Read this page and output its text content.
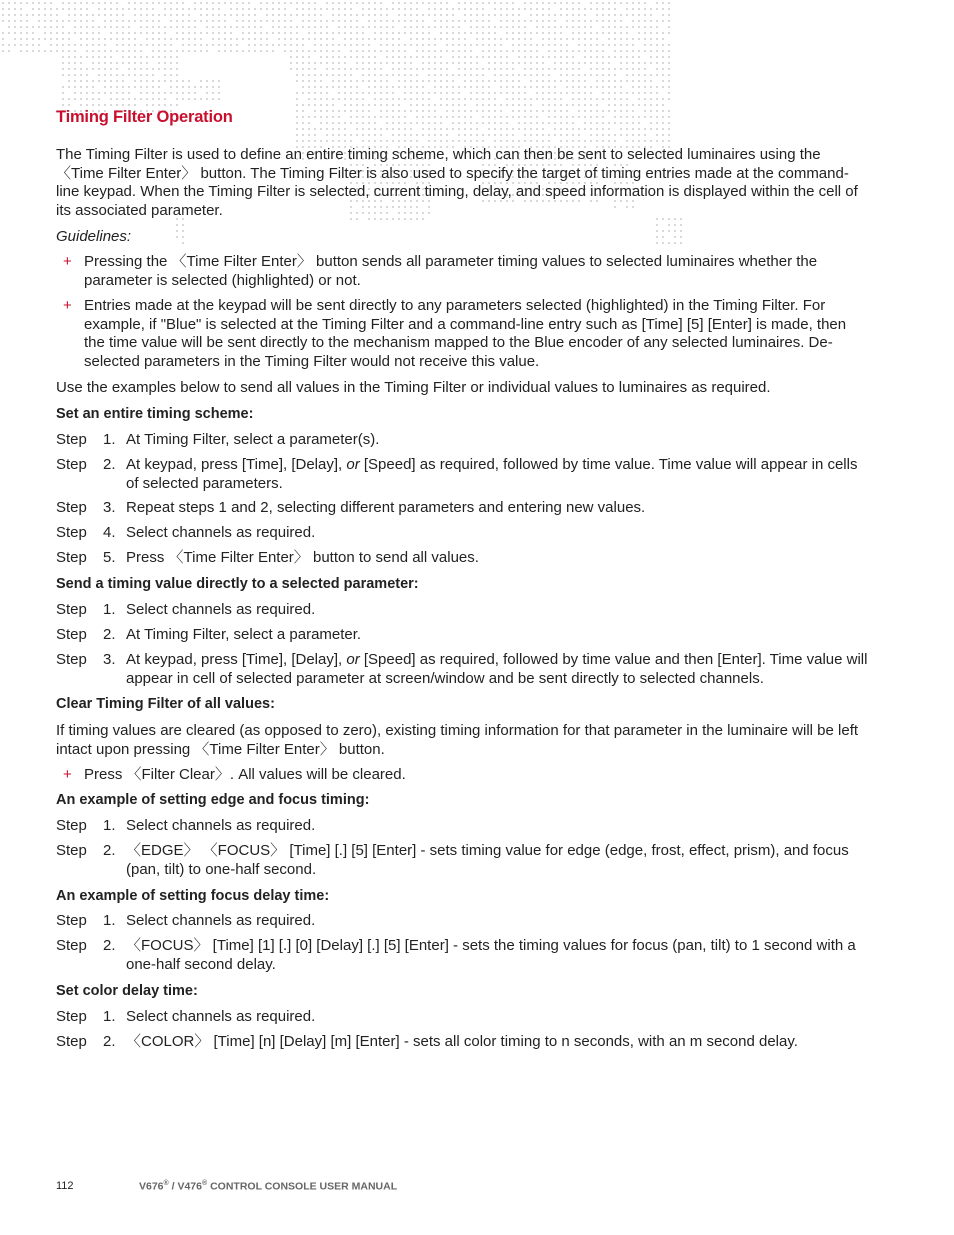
Timing Filter Operation
The Timing Filter is used to define an entire timing scheme, which can then be sent to selected luminaires using the 〈Time Filter Enter〉 button. The Timing Filter is also used to specify the target of timing entries made at the command-line keypad. When the Timing Filter is selected, current timing, delay, and speed information is displayed within the cell of its associated parameter.
Guidelines:
+ Pressing the 〈Time Filter Enter〉 button sends all parameter timing values to selected luminaires whether the parameter is selected (highlighted) or not.
+ Entries made at the keypad will be sent directly to any parameters selected (highlighted) in the Timing Filter. For example, if "Blue" is selected at the Timing Filter and a command-line entry such as [Time] [5] [Enter] is made, then the time value will be sent directly to the mechanism mapped to the Blue encoder of any selected luminaires. De-selected parameters in the Timing Filter would not receive this value.
Use the examples below to send all values in the Timing Filter or individual values to luminaires as required.
Set an entire timing scheme:
Step 1. At Timing Filter, select a parameter(s).
Step 2. At keypad, press [Time], [Delay], or [Speed] as required, followed by time value. Time value will appear in cells of selected parameters.
Step 3. Repeat steps 1 and 2, selecting different parameters and entering new values.
Step 4. Select channels as required.
Step 5. Press 〈Time Filter Enter〉 button to send all values.
Send a timing value directly to a selected parameter:
Step 1. Select channels as required.
Step 2. At Timing Filter, select a parameter.
Step 3. At keypad, press [Time], [Delay], or [Speed] as required, followed by time value and then [Enter]. Time value will appear in cell of selected parameter at screen/window and be sent directly to selected channels.
Clear Timing Filter of all values:
If timing values are cleared (as opposed to zero), existing timing information for that parameter in the luminaire will be left intact upon pressing 〈Time Filter Enter〉 button.
+ Press 〈Filter Clear〉. All values will be cleared.
An example of setting edge and focus timing:
Step 1. Select channels as required.
Step 2. 〈EDGE〉 〈FOCUS〉 [Time] [.] [5] [Enter] - sets timing value for edge (edge, frost, effect, prism), and focus (pan, tilt) to one-half second.
An example of setting focus delay time:
Step 1. Select channels as required.
Step 2. 〈FOCUS〉 [Time] [1] [.] [0] [Delay] [.] [5] [Enter] - sets the timing values for focus (pan, tilt) to 1 second with a one-half second delay.
Set color delay time:
Step 1. Select channels as required.
Step 2. 〈COLOR〉 [Time] [n] [Delay] [m] [Enter] - sets all color timing to n seconds, with an m second delay.
112	V676® / V476® CONTROL CONSOLE USER MANUAL
